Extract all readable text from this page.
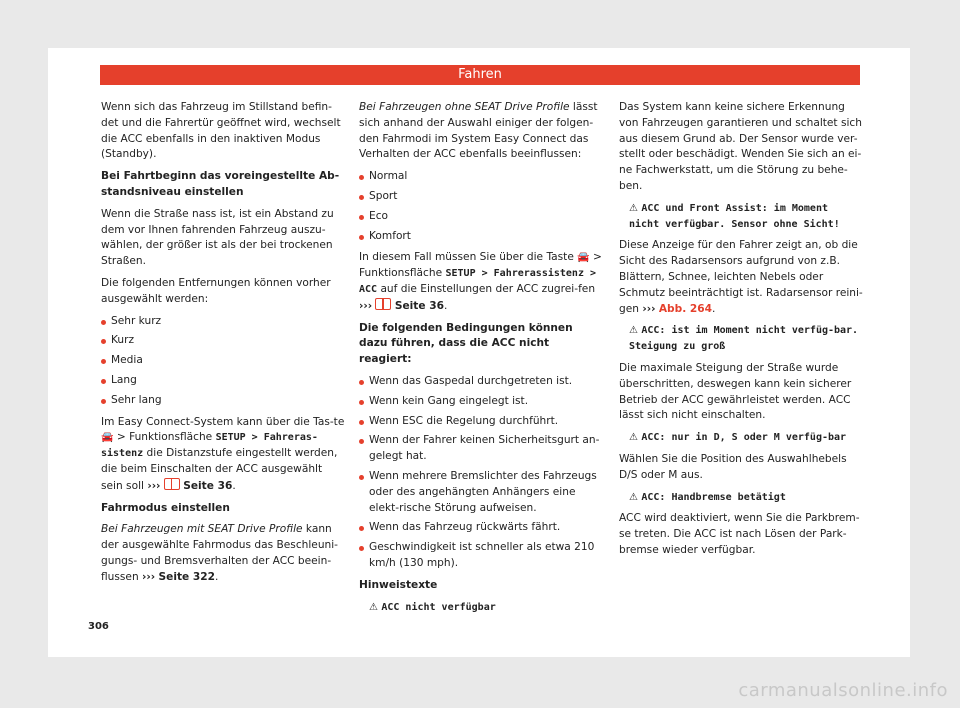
Fahren

Wenn sich das Fahrzeug im Stillstand befin-det und die Fahrertür geöffnet wird, wechselt die ACC ebenfalls in den inaktiven Modus (Standby).

Bei Fahrtbeginn das voreingestellte Ab-standsniveau einstellen

Wenn die Straße nass ist, ist ein Abstand zu dem vor Ihnen fahrenden Fahrzeug auszu-wählen, der größer ist als der bei trockenen Straßen.

Die folgenden Entfernungen können vorher ausgewählt werden:

Sehr kurz
Kurz
Media
Lang
Sehr lang

Im Easy Connect-System kann über die Tas-te 🚘 > Funktionsfläche SETUP > Fahreras-sistenz die Distanzstufe eingestellt werden, die beim Einschalten der ACC ausgewählt sein soll ››› Seite 36.

Fahrmodus einstellen

Bei Fahrzeugen mit SEAT Drive Profile kann der ausgewählte Fahrmodus das Beschleuni-gungs- und Bremsverhalten der ACC beein-flussen ››› Seite 322.

Bei Fahrzeugen ohne SEAT Drive Profile lässt sich anhand der Auswahl einiger der folgen-den Fahrmodi im System Easy Connect das Verhalten der ACC ebenfalls beeinflussen:

Normal
Sport
Eco
Komfort

In diesem Fall müssen Sie über die Taste 🚘 > Funktionsfläche SETUP > Fahrerassistenz > ACC auf die Einstellungen der ACC zugrei-fen ››› Seite 36.

Die folgenden Bedingungen können dazu führen, dass die ACC nicht reagiert:

Wenn das Gaspedal durchgetreten ist.
Wenn kein Gang eingelegt ist.
Wenn ESC die Regelung durchführt.
Wenn der Fahrer keinen Sicherheitsgurt an-gelegt hat.
Wenn mehrere Bremslichter des Fahrzeugs oder des angehängten Anhängers eine elekt-rische Störung aufweisen.
Wenn das Fahrzeug rückwärts fährt.
Geschwindigkeit ist schneller als etwa 210 km/h (130 mph).

Hinweistexte

⚠ ACC nicht verfügbar

Das System kann keine sichere Erkennung von Fahrzeugen garantieren und schaltet sich aus diesem Grund ab. Der Sensor wurde ver-stellt oder beschädigt. Wenden Sie sich an ei-ne Fachwerkstatt, um die Störung zu behe-ben.

⚠ ACC und Front Assist: im Moment nicht verfügbar. Sensor ohne Sicht!

Diese Anzeige für den Fahrer zeigt an, ob die Sicht des Radarsensors aufgrund von z.B. Blättern, Schnee, leichten Nebels oder Schmutz beeinträchtigt ist. Radarsensor reini-gen ››› Abb. 264.

⚠ ACC: ist im Moment nicht verfüg-bar. Steigung zu groß

Die maximale Steigung der Straße wurde überschritten, deswegen kann kein sicherer Betrieb der ACC gewährleistet werden. ACC lässt sich nicht einschalten.

⚠ ACC: nur in D, S oder M verfüg-bar

Wählen Sie die Position des Auswahlhebels D/S oder M aus.

⚠ ACC: Handbremse betätigt

ACC wird deaktiviert, wenn Sie die Parkbrem-se treten. Die ACC ist nach Lösen der Park-bremse wieder verfügbar.

306
carmanualsonline.info
